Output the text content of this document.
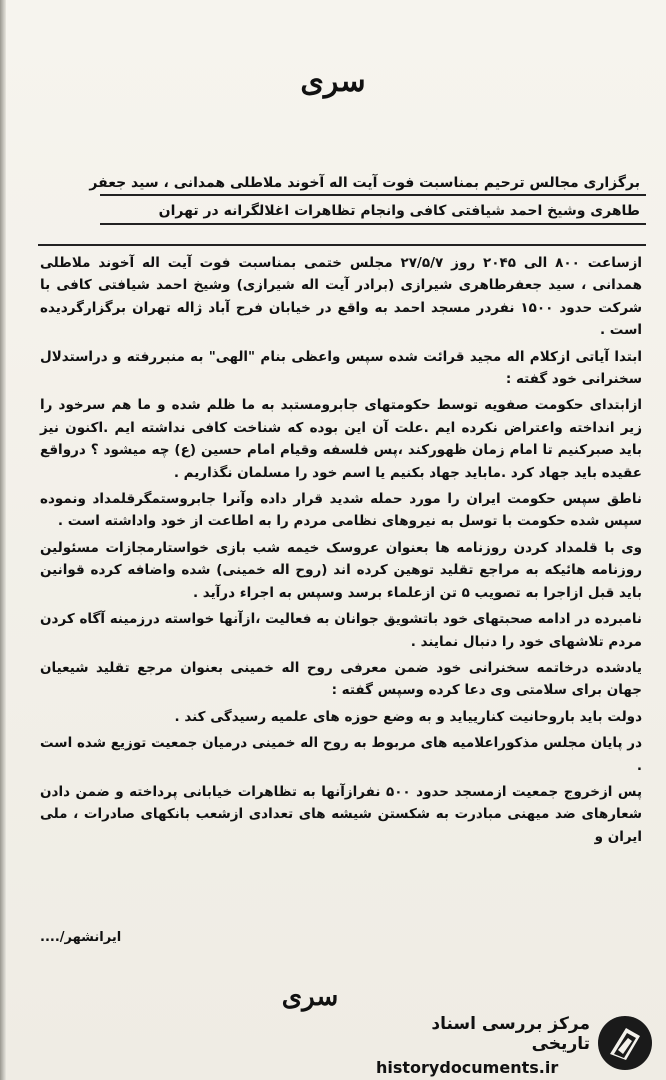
سری
برگزاری مجالس ترحیم بمناسبت فوت آیت اله آخوند ملاطلی همدانی ، سید جعفر
طاهری وشیخ احمد شیافتی کافی وانجام تظاهرات اغلالگرانه در تهران

ازساعت ۸۰۰ الی ۲۰۴۵ روز ۲۷/۵/۷ مجلس ختمی بمناسبت فوت آیت اله آخوند ملاطلی همدانی ، سید جعفرطاهری شیرازی (برادر آیت اله شیرازی) وشیخ احمد شیافتی کافی با شرکت حدود ۱۵۰۰ نفردر مسجد احمد به واقع در خیابان فرح آباد ژاله تهران برگزارگردیده است .

ابتدا آیاتی ازکلام اله مجید قرائت شده سپس واعظی بنام "الهی" به منبررفته و دراستدلال سخنرانی خود گفته :

ازابتدای حکومت صفویه توسط حکومتهای جابرومستبد به ما ظلم شده و ما هم سرخود را زیر انداخته واعتراض نکرده ایم .علت آن این بوده که شناخت کافی نداشته ایم .اکنون نیز باید صبرکنیم تا امام زمان ظهورکند ،پس فلسفه وقیام امام حسین (ع) چه میشود ؟ درواقع عقیده باید جهاد کرد .ماباید جهاد بکنیم یا اسم خود را مسلمان نگذاریم .

ناطق سپس حکومت ایران را مورد حمله شدید قرار داده وآنرا جابروستمگرقلمداد ونموده سپس شده حکومت با توسل به نیروهای نظامی مردم را به اطاعت از خود واداشته است .

وی با قلمداد کردن روزنامه ها بعنوان عروسک خیمه شب بازی خواستارمجازات مسئولین روزنامه هائیکه به مراجع تقلید توهین کرده اند (روح اله خمینی) شده واضافه کرده قوانین باید قبل ازاجرا به تصویب ۵ تن ازعلماء برسد وسپس به اجراء درآید .

نامبرده در ادامه صحبتهای خود باتشویق جوانان به فعالیت ،ازآنها خواسته درزمینه آگاه کردن مردم تلاشهای خود را دنبال نمایند .

یادشده درخاتمه سخنرانی خود ضمن معرفی روح اله خمینی بعنوان مرجع تقلید شیعیان جهان برای سلامتی وی دعا کرده وسپس گفته :

دولت باید باروحانیت کنارییاید و به وضع حوزه های علمیه رسیدگی کند .

در پایان مجلس مذکوراعلامیه های مربوط به روح اله خمینی درمیان جمعیت توزیع شده است .

پس ازخروج جمعیت ازمسجد حدود ۵۰۰ نفرازآنها به تظاهرات خیابانی پرداخته و ضمن دادن شعارهای ضد میهنی مبادرت به شکستن شیشه های تعدادی ازشعب بانکهای صادرات ، ملی ایران و

ایرانشهر/....
سری
مرکز بررسی اسناد تاریخی
historydocuments.ir
